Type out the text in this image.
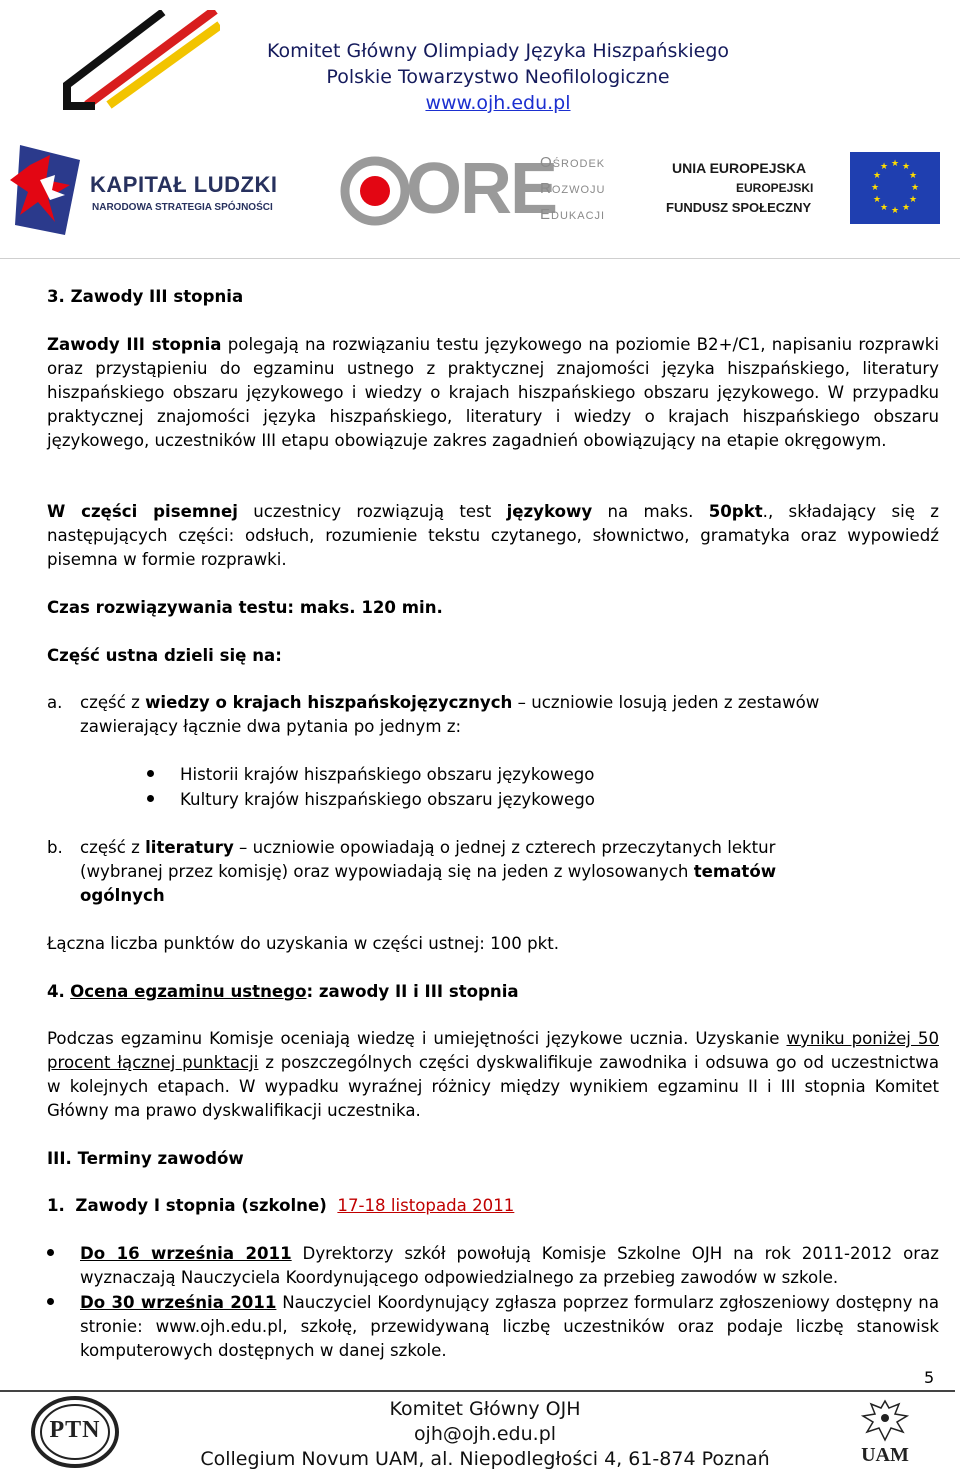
Komitet Główny Olimpiady Języka Hiszpańskiego
Polskie Towarzystwo Neofilologiczne
www.ojh.edu.pl
KAPITAŁ LUDZKI
NARODOWA STRATEGIA SPÓJNOŚCI ORE
Ośrodek
Rozwoju
Edukacji
UNIA EUROPEJSKA
EUROPEJSKI
FUNDUSZ SPOŁECZNY
★ ★
★
★
★
★
★
★
★
★
★
★
3. Zawody III stopnia
Zawody III stopnia polegają na rozwiązaniu testu językowego na poziomie B2+/C1, napisaniu rozprawki oraz przystąpieniu do egzaminu ustnego z praktycznej znajomości języka hiszpańskiego, literatury hiszpańskiego obszaru językowego i wiedzy o krajach hiszpańskiego obszaru językowego. W przypadku praktycznej znajomości języka hiszpańskiego, literatury i wiedzy o krajach hiszpańskiego obszaru językowego, uczestników III etapu obowiązuje zakres zagadnień obowiązujący na etapie okręgowym.
W części pisemnej uczestnicy rozwiązują test językowy na maks. 50pkt., składający się z następujących części: odsłuch, rozumienie tekstu czytanego, słownictwo, gramatyka oraz wypowiedź pisemna w formie rozprawki.
Czas rozwiązywania testu: maks. 120 min.
Część ustna dzieli się na:
a.	część z wiedzy o krajach hiszpańskojęzycznych – uczniowie losują jeden z zestawów zawierający łącznie dwa pytania po jednym z:
Historii krajów hiszpańskiego obszaru językowego
Kultury krajów hiszpańskiego obszaru językowego
b.	część z literatury – uczniowie opowiadają o jednej z czterech przeczytanych lektur (wybranej przez komisję) oraz wypowiadają się na jeden z wylosowanych tematów ogólnych
Łączna liczba punktów do uzyskania w części ustnej: 100 pkt.
4. Ocena egzaminu ustnego: zawody II i III stopnia
Podczas egzaminu Komisje oceniają wiedzę i umiejętności językowe ucznia. Uzyskanie wyniku poniżej 50 procent łącznej punktacji z poszczególnych części dyskwalifikuje zawodnika i odsuwa go od uczestnictwa w kolejnych etapach. W wypadku wyraźnej różnicy między wynikiem egzaminu II i III stopnia Komitet Główny ma prawo dyskwalifikacji uczestnika.
III. Terminy zawodów
1. Zawody I stopnia (szkolne) 17-18 listopada 2011
Do 16 września 2011 Dyrektorzy szkół powołują Komisje Szkolne OJH na rok 2011-2012 oraz wyznaczają Nauczyciela Koordynującego odpowiedzialnego za przebieg zawodów w szkole.
Do 30 września 2011 Nauczyciel Koordynujący zgłasza poprzez formularz zgłoszeniowy dostępny na stronie: www.ojh.edu.pl, szkołę, przewidywaną liczbę uczestników oraz podaje liczbę stanowisk komputerowych dostępnych w danej szkole.
5
PTN
Komitet Główny OJH
ojh@ojh.edu.pl
Collegium Novum UAM, al. Niepodległości 4, 61-874 Poznań	UAM
